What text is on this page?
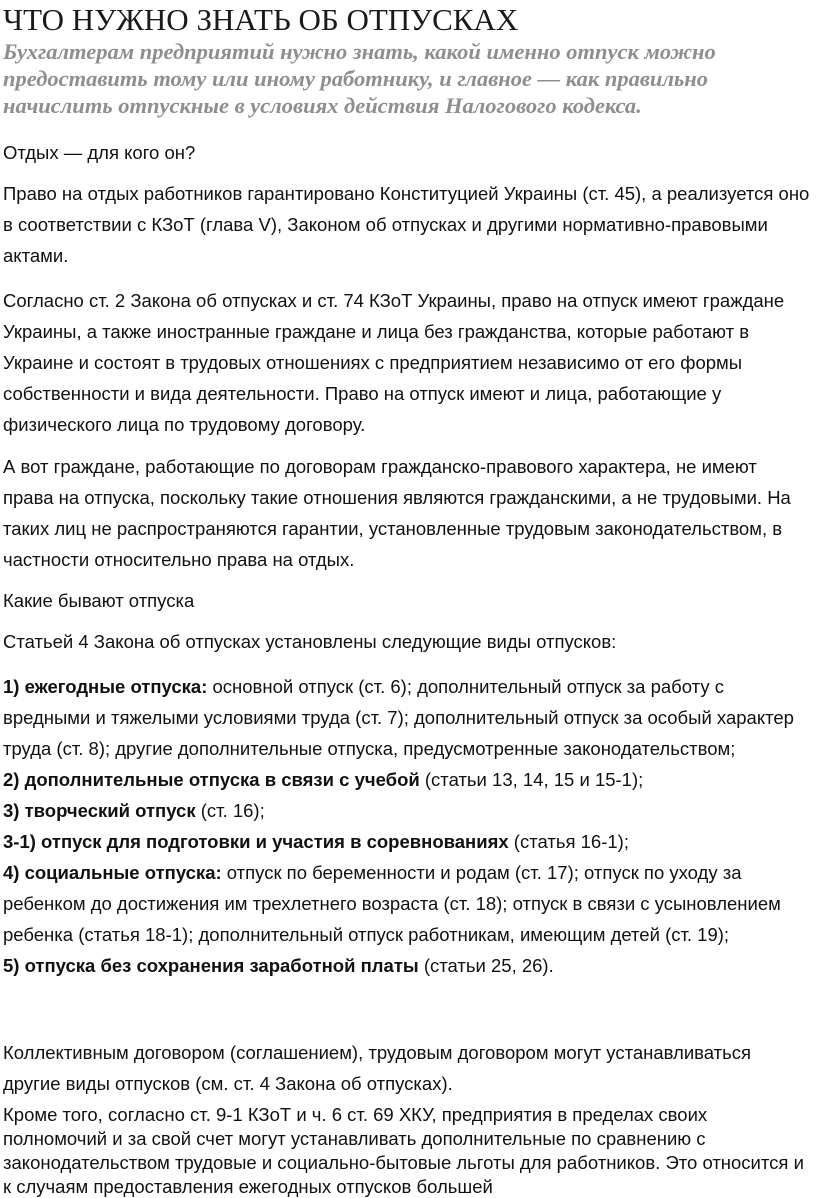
ЧТО НУЖНО ЗНАТЬ ОБ ОТПУСКАХ
Бухгалтерам предприятий нужно знать, какой именно отпуск можно предоставить тому или иному работнику, и главное — как правильно начислить отпускные в условиях действия Налогового кодекса.
Отдых — для кого он?
Право на отдых работников гарантировано Конституцией Украины (ст. 45), а реализуется оно в соответствии с КЗоТ (глава V), Законом об отпусках и другими нормативно-правовыми актами.
Согласно ст. 2 Закона об отпусках и ст. 74 КЗоТ Украины, право на отпуск имеют граждане Украины, а также иностранные граждане и лица без гражданства, которые работают в Украине и состоят в трудовых отношениях с предприятием независимо от его формы собственности и вида деятельности. Право на отпуск имеют и лица, работающие у физического лица по трудовому договору.
А вот граждане, работающие по договорам гражданско-правового характера, не имеют права на отпуска, поскольку такие отношения являются гражданскими, а не трудовыми. На таких лиц не распространяются гарантии, установленные трудовым законодательством, в частности относительно права на отдых.
Какие бывают отпуска
Статьей 4 Закона об отпусках установлены следующие виды отпусков:
1) ежегодные отпуска: основной отпуск (ст. 6); дополнительный отпуск за работу с вредными и тяжелыми условиями труда (ст. 7); дополнительный отпуск за особый характер труда (ст. 8); другие дополнительные отпуска, предусмотренные законодательством;
2) дополнительные отпуска в связи с учебой (статьи 13, 14, 15 и 15-1);
3) творческий отпуск (ст. 16);
3-1) отпуск для подготовки и участия в соревнованиях (статья 16-1);
4) социальные отпуска: отпуск по беременности и родам (ст. 17); отпуск по уходу за ребенком до достижения им трехлетнего возраста (ст. 18); отпуск в связи с усыновлением ребенка (статья 18-1); дополнительный отпуск работникам, имеющим детей (ст. 19);
5) отпуска без сохранения заработной платы (статьи 25, 26).
Коллективным договором (соглашением), трудовым договором могут устанавливаться другие виды отпусков (см. ст. 4 Закона об отпусках).
Кроме того, согласно ст. 9-1 КЗоТ и ч. 6 ст. 69 ХКУ, предприятия в пределах своих полномочий и за свой счет могут устанавливать дополнительные по сравнению с законодательством трудовые и социально-бытовые льготы для работников. Это относится и к случаям предоставления ежегодных отпусков большей
